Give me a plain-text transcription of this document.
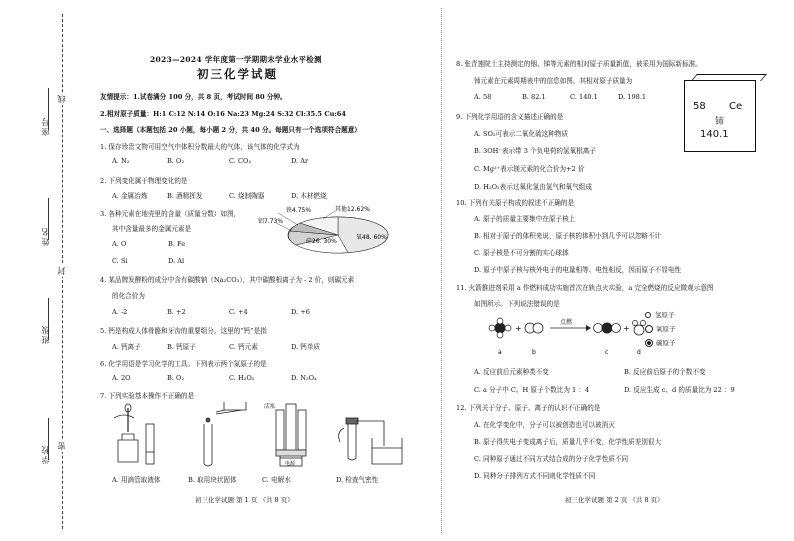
座号
姓名
班级
学校
线
封
密
2023—2024 学年度第一学期期末学业水平检测
初三化学试题
友情提示：1.试卷满分 100 分，共 8 页，考试时间 80 分钟。
2.相对原子质量：H:1 C:12 N:14 O:16 Na:23 Mg:24 S:32 Cl:35.5 Cu:64
一、选择题（本题包括 20 小题，每小题 2 分，共 40 分。每题只有一个选项符合题意）
1. 保存珍贵文物可用空气中体积分数最大的气体，该气体的化学式为
A. N₂	B. O₂	C. CO₂	D. Ar
2. 下列变化属于物理变化的是
A. 金属冶炼	B. 酒精挥发	C. 烧制陶器	D. 木材燃烧
3. 各种元素在地壳里的含量（质量分数）如图，
其中含量最多的金属元素是
A. O	B. Fe
C. Si	D. Al
铁4.75%
铝7.73%
其他12.62%
硅26. 30%
氧48. 60%
4. 某品牌发酵粉的成分中含有碳酸钠（Na₂CO₃），其中碳酸根离子为 - 2 价，则碳元素
的化合价为
A. -2	B. +2	C. +4	D. +6
5. 钙是构成人体骨骼和牙齿的重要组分。这里的“钙”是指
A. 钙离子	B. 钙原子	C. 钙元素	D. 钙单质
6. 化学用语是学习化学的工具。下列表示两个氮原子的是
A. 2O	B. O₂	C. H₂O₂	D. N₂O₄
7. 下列实验基本操作不正确的是
活塞
电源
A. 用滴管取液体	B. 取用块状固体	C. 电解水	D. 检查气密性
初三化学试题 第 1 页 （共 8 页）
8. 张青莲院士主持测定的铟、锑等元素的相对原子质量新值，被采用为国际新标准。
铈元素在元素周期表中的信息如图，其相对原子质量为
A. 58	B. 82.1	C. 140.1	D. 198.1
58 Ce
铈
140.1
9. 下列化学用语的含义描述正确的是
A. SO₂可表示二氧化硫这种物质
B. 3OH⁻表示带 3 个负电荷的氢氧根离子
C. Mg²⁺表示镁元素的化合价为+2 价
D. H₂O₂表示过氧化氢由氢气和氧气组成
10. 下列有关原子构成的叙述不正确的是
A. 原子的质量主要集中在原子核上
B. 相对于原子的体积来说，原子核的体积小到几乎可以忽略不计
C. 原子核是不可分割的实心球体
D. 原子中原子核与核外电子的电量相等、电性相反，因而原子不显电性
11. 火箭推进剂采用 a 作燃料成功实施首次在轨点火实验，a 完全燃烧的反应微观示意图
如图所示。下列说法错误的是
+
点燃
+
a	b	c	d
氢原子
氧原子
碳原子
A. 反应前后元素种类不变	B. 反应前后原子的个数不变
C. a 分子中 C、H 原子个数比为 1 ：4	D. 反应生成 c、d 的质量比为 22 ：9
12. 下列关于分子、原子、离子的认识不正确的是
A. 在化学变化中，分子可以被创造也可以被消灭
B. 原子得失电子变成离子后，质量几乎不变，化学性质差别很大
C. 同种原子通过不同方式结合成的分子化学性质不同
D. 同种分子排列方式不同则化学性质不同
初三化学试题 第 2 页 （共 8 页）
